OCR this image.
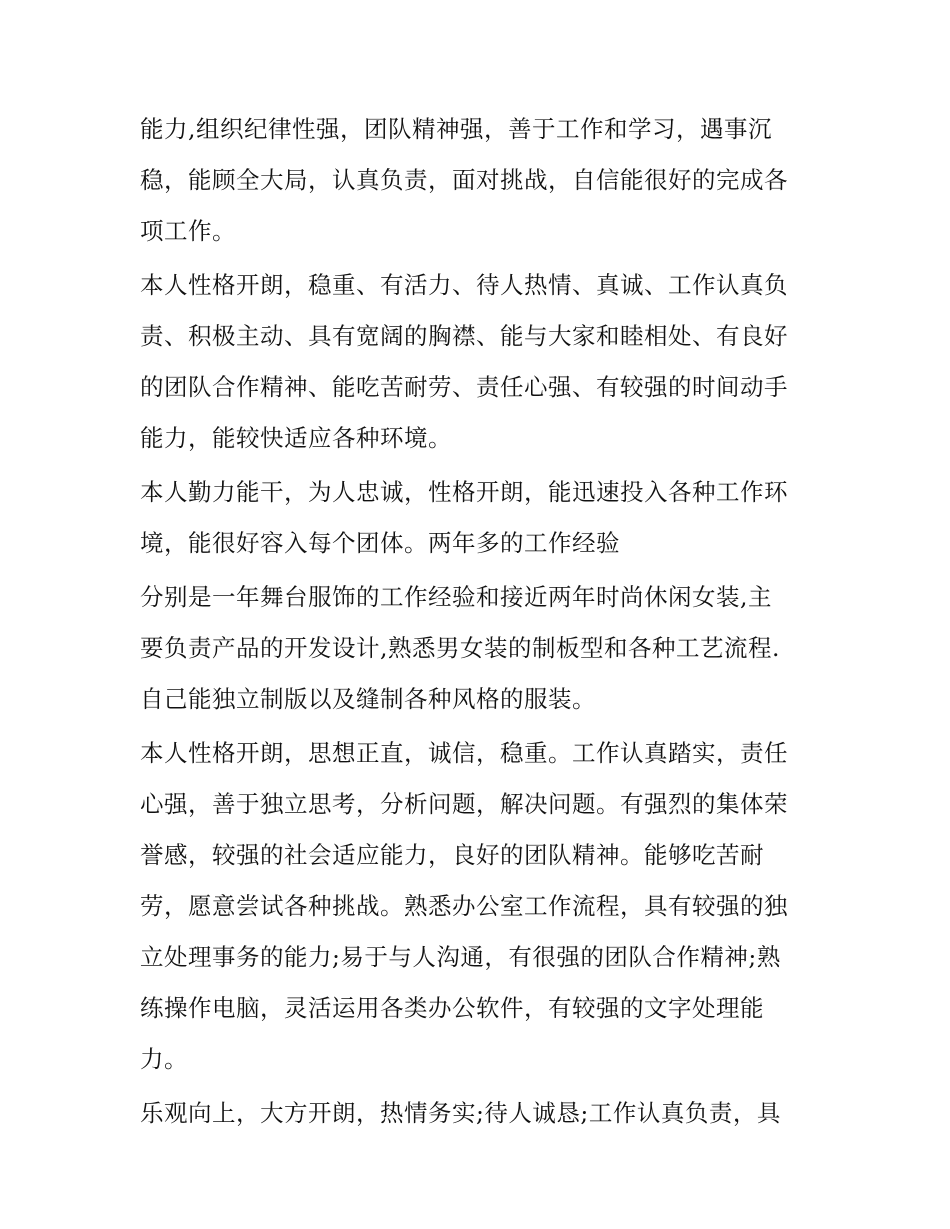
能力,组织纪律性强，团队精神强，善于工作和学习，遇事沉
稳，能顾全大局，认真负责，面对挑战，自信能很好的完成各
项工作。
本人性格开朗，稳重、有活力、待人热情、真诚、工作认真负
责、积极主动、具有宽阔的胸襟、能与大家和睦相处、有良好
的团队合作精神、能吃苦耐劳、责任心强、有较强的时间动手
能力，能较快适应各种环境。
本人勤力能干，为人忠诚，性格开朗，能迅速投入各种工作环
境，能很好容入每个团体。两年多的工作经验
分别是一年舞台服饰的工作经验和接近两年时尚休闲女装,主
要负责产品的开发设计,熟悉男女装的制板型和各种工艺流程.
自己能独立制版以及缝制各种风格的服装。
本人性格开朗，思想正直，诚信，稳重。工作认真踏实，责任
心强，善于独立思考，分析问题，解决问题。有强烈的集体荣
誉感，较强的社会适应能力，良好的团队精神。能够吃苦耐
劳，愿意尝试各种挑战。熟悉办公室工作流程，具有较强的独
立处理事务的能力;易于与人沟通，有很强的团队合作精神;熟
练操作电脑，灵活运用各类办公软件，有较强的文字处理能
力。
乐观向上，大方开朗，热情务实;待人诚恳;工作认真负责，具
